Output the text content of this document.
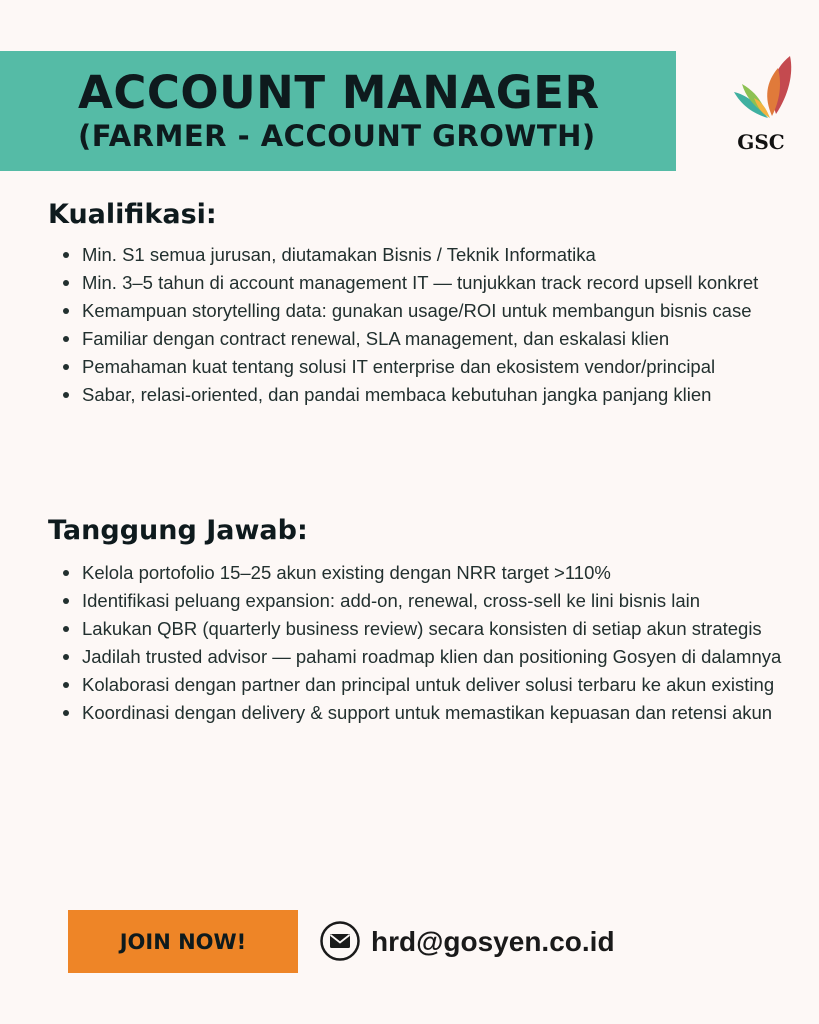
ACCOUNT MANAGER
(FARMER - ACCOUNT GROWTH)	GSC
Kualifikasi:
Min. S1 semua jurusan, diutamakan Bisnis / Teknik Informatika
Min. 3–5 tahun di account management IT — tunjukkan track record upsell konkret
Kemampuan storytelling data: gunakan usage/ROI untuk membangun bisnis case
Familiar dengan contract renewal, SLA management, dan eskalasi klien
Pemahaman kuat tentang solusi IT enterprise dan ekosistem vendor/principal
Sabar, relasi-oriented, dan pandai membaca kebutuhan jangka panjang klien
Tanggung Jawab:
Kelola portofolio 15–25 akun existing dengan NRR target >110%
Identifikasi peluang expansion: add-on, renewal, cross-sell ke lini bisnis lain
Lakukan QBR (quarterly business review) secara konsisten di setiap akun strategis
Jadilah trusted advisor — pahami roadmap klien dan positioning Gosyen di dalamnya
Kolaborasi dengan partner dan principal untuk deliver solusi terbaru ke akun existing
Koordinasi dengan delivery & support untuk memastikan kepuasan dan retensi akun
JOIN NOW!	hrd@gosyen.co.id
